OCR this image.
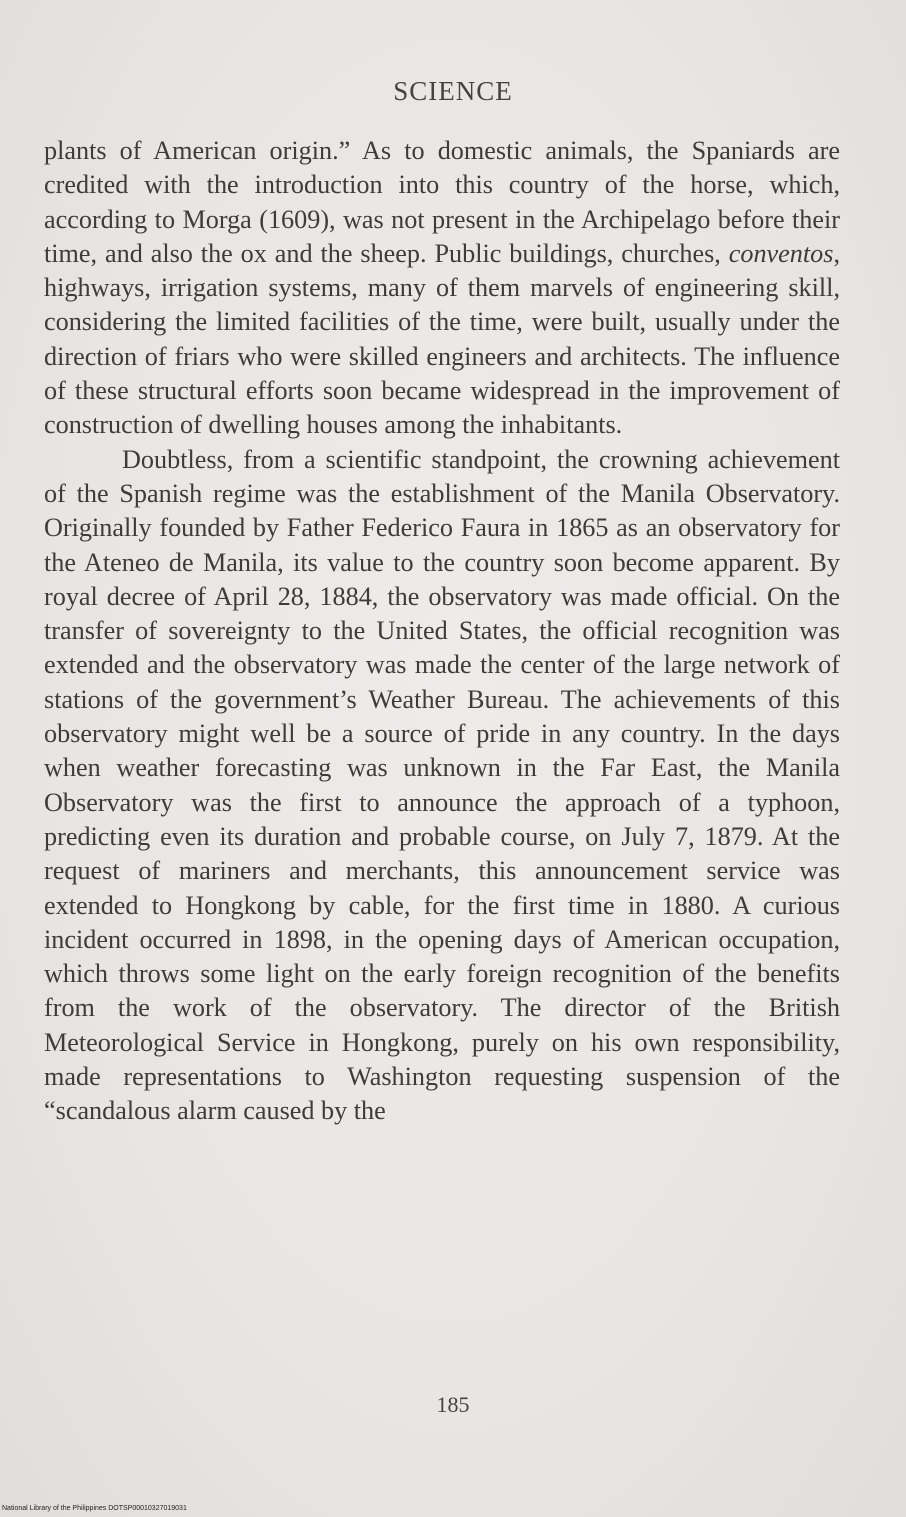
SCIENCE

plants of American origin.” As to domestic animals, the Spaniards are credited with the introduction into this country of the horse, which, according to Morga (1609), was not present in the Archipelago before their time, and also the ox and the sheep. Public buildings, churches, conventos, highways, irrigation systems, many of them marvels of engineering skill, considering the limited facilities of the time, were built, usually under the direction of friars who were skilled engineers and architects. The influence of these structural efforts soon became widespread in the improvement of construction of dwelling houses among the inhabitants.

Doubtless, from a scientific standpoint, the crowning achievement of the Spanish regime was the establishment of the Manila Observatory. Originally founded by Father Federico Faura in 1865 as an observatory for the Ateneo de Manila, its value to the country soon become apparent. By royal decree of April 28, 1884, the observatory was made official. On the transfer of sovereignty to the United States, the official recognition was extended and the observatory was made the center of the large network of stations of the government’s Weather Bureau. The achievements of this observatory might well be a source of pride in any country. In the days when weather forecasting was unknown in the Far East, the Manila Observatory was the first to announce the approach of a typhoon, predicting even its duration and probable course, on July 7, 1879. At the request of mariners and merchants, this announcement service was extended to Hongkong by cable, for the first time in 1880. A curious incident occurred in 1898, in the opening days of American occupation, which throws some light on the early foreign recognition of the benefits from the work of the observatory. The director of the British Meteorological Service in Hongkong, purely on his own responsibility, made representations to Washington requesting suspension of the “scandalous alarm caused by the

185
National Library of the Philippines DOTSP00010327019031
